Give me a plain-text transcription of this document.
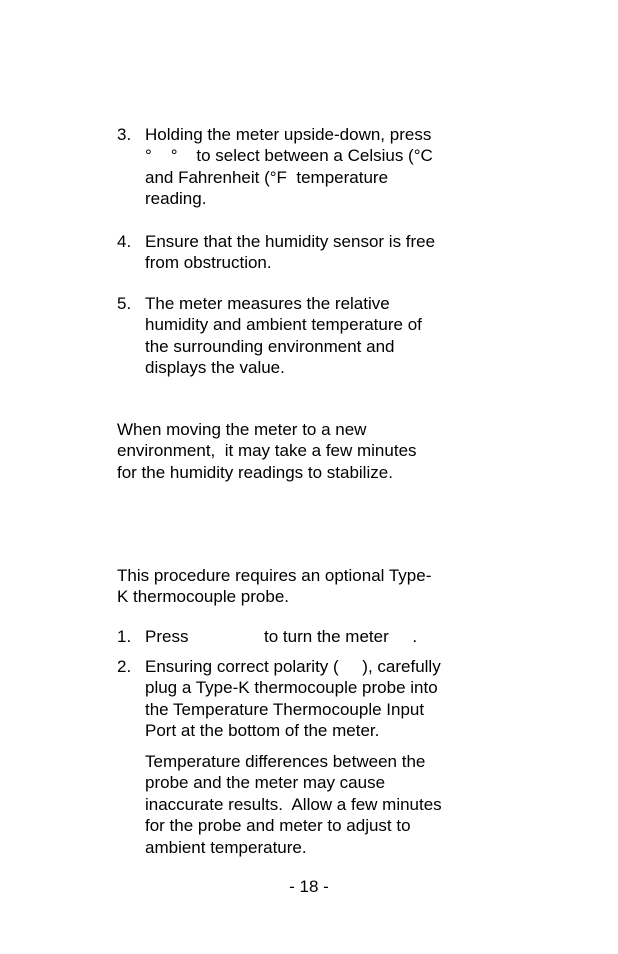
3. Holding the meter upside-down, press
°    °    to select between a Celsius (°C
and Fahrenheit (°F  temperature
reading.
4. Ensure that the humidity sensor is free
from obstruction.
5. The meter measures the relative
humidity and ambient temperature of
the surrounding environment and
displays the value.
When moving the meter to a new
environment,  it may take a few minutes
for the humidity readings to stabilize.
This procedure requires an optional Type-
K thermocouple probe.
1. Press                to turn the meter     .
2. Ensuring correct polarity (     ), carefully
plug a Type-K thermocouple probe into
the Temperature Thermocouple Input
Port at the bottom of the meter.
Temperature differences between the
probe and the meter may cause
inaccurate results.  Allow a few minutes
for the probe and meter to adjust to
ambient temperature.
- 18 -
